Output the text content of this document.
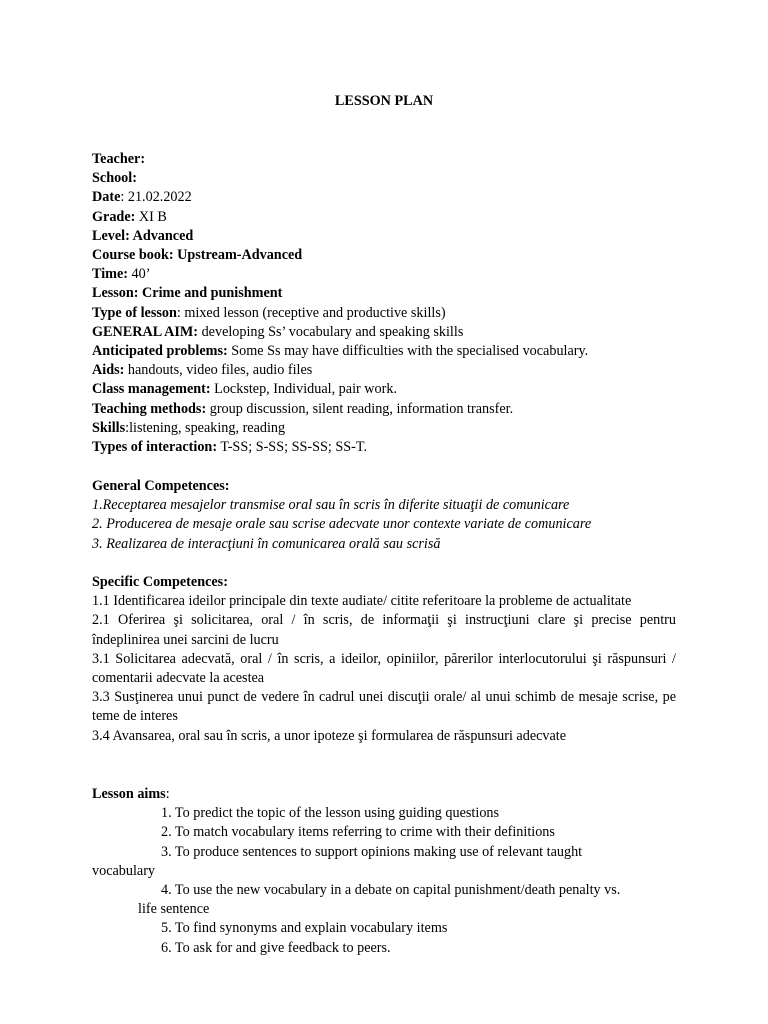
LESSON PLAN
Teacher:
School:
Date: 21.02.2022
Grade: XI B
Level: Advanced
Course book: Upstream-Advanced
Time: 40’
Lesson: Crime and punishment
Type of lesson: mixed lesson (receptive and productive skills)
GENERAL AIM: developing Ss’ vocabulary and speaking skills
Anticipated problems: Some Ss may have difficulties with the specialised vocabulary.
Aids: handouts, video files, audio files
Class management: Lockstep, Individual, pair work.
Teaching methods: group discussion, silent reading, information transfer.
Skills:listening, speaking, reading
Types of interaction: T-SS; S-SS; SS-SS; SS-T.
General Competences:
1.Receptarea mesajelor transmise oral sau în scris în diferite situaţii de comunicare
2. Producerea de mesaje orale sau scrise adecvate unor contexte variate de comunicare
3. Realizarea de interacţiuni în comunicarea orală sau scrisă
Specific Competences:
1.1 Identificarea ideilor principale din texte audiate/ citite referitoare la probleme de actualitate
2.1 Oferirea şi solicitarea, oral / în scris, de informaţii şi instrucţiuni clare şi precise pentru îndeplinirea unei sarcini de lucru
3.1 Solicitarea adecvată, oral / în scris, a ideilor, opiniilor, părerilor interlocutorului şi răspunsuri / comentarii adecvate la acestea
3.3 Susţinerea unui punct de vedere în cadrul unei discuţii orale/ al unui schimb de mesaje scrise, pe teme de interes
3.4 Avansarea, oral sau în scris, a unor ipoteze şi formularea de răspunsuri adecvate
Lesson aims:
1. To predict the topic of the lesson using guiding questions
2. To match vocabulary items referring to crime with their definitions
3. To produce sentences to support opinions making use of relevant taught
vocabulary
4. To use the new vocabulary in a debate on capital punishment/death penalty vs.
life sentence
5. To find synonyms and explain vocabulary items
6. To ask for and give feedback to peers.
